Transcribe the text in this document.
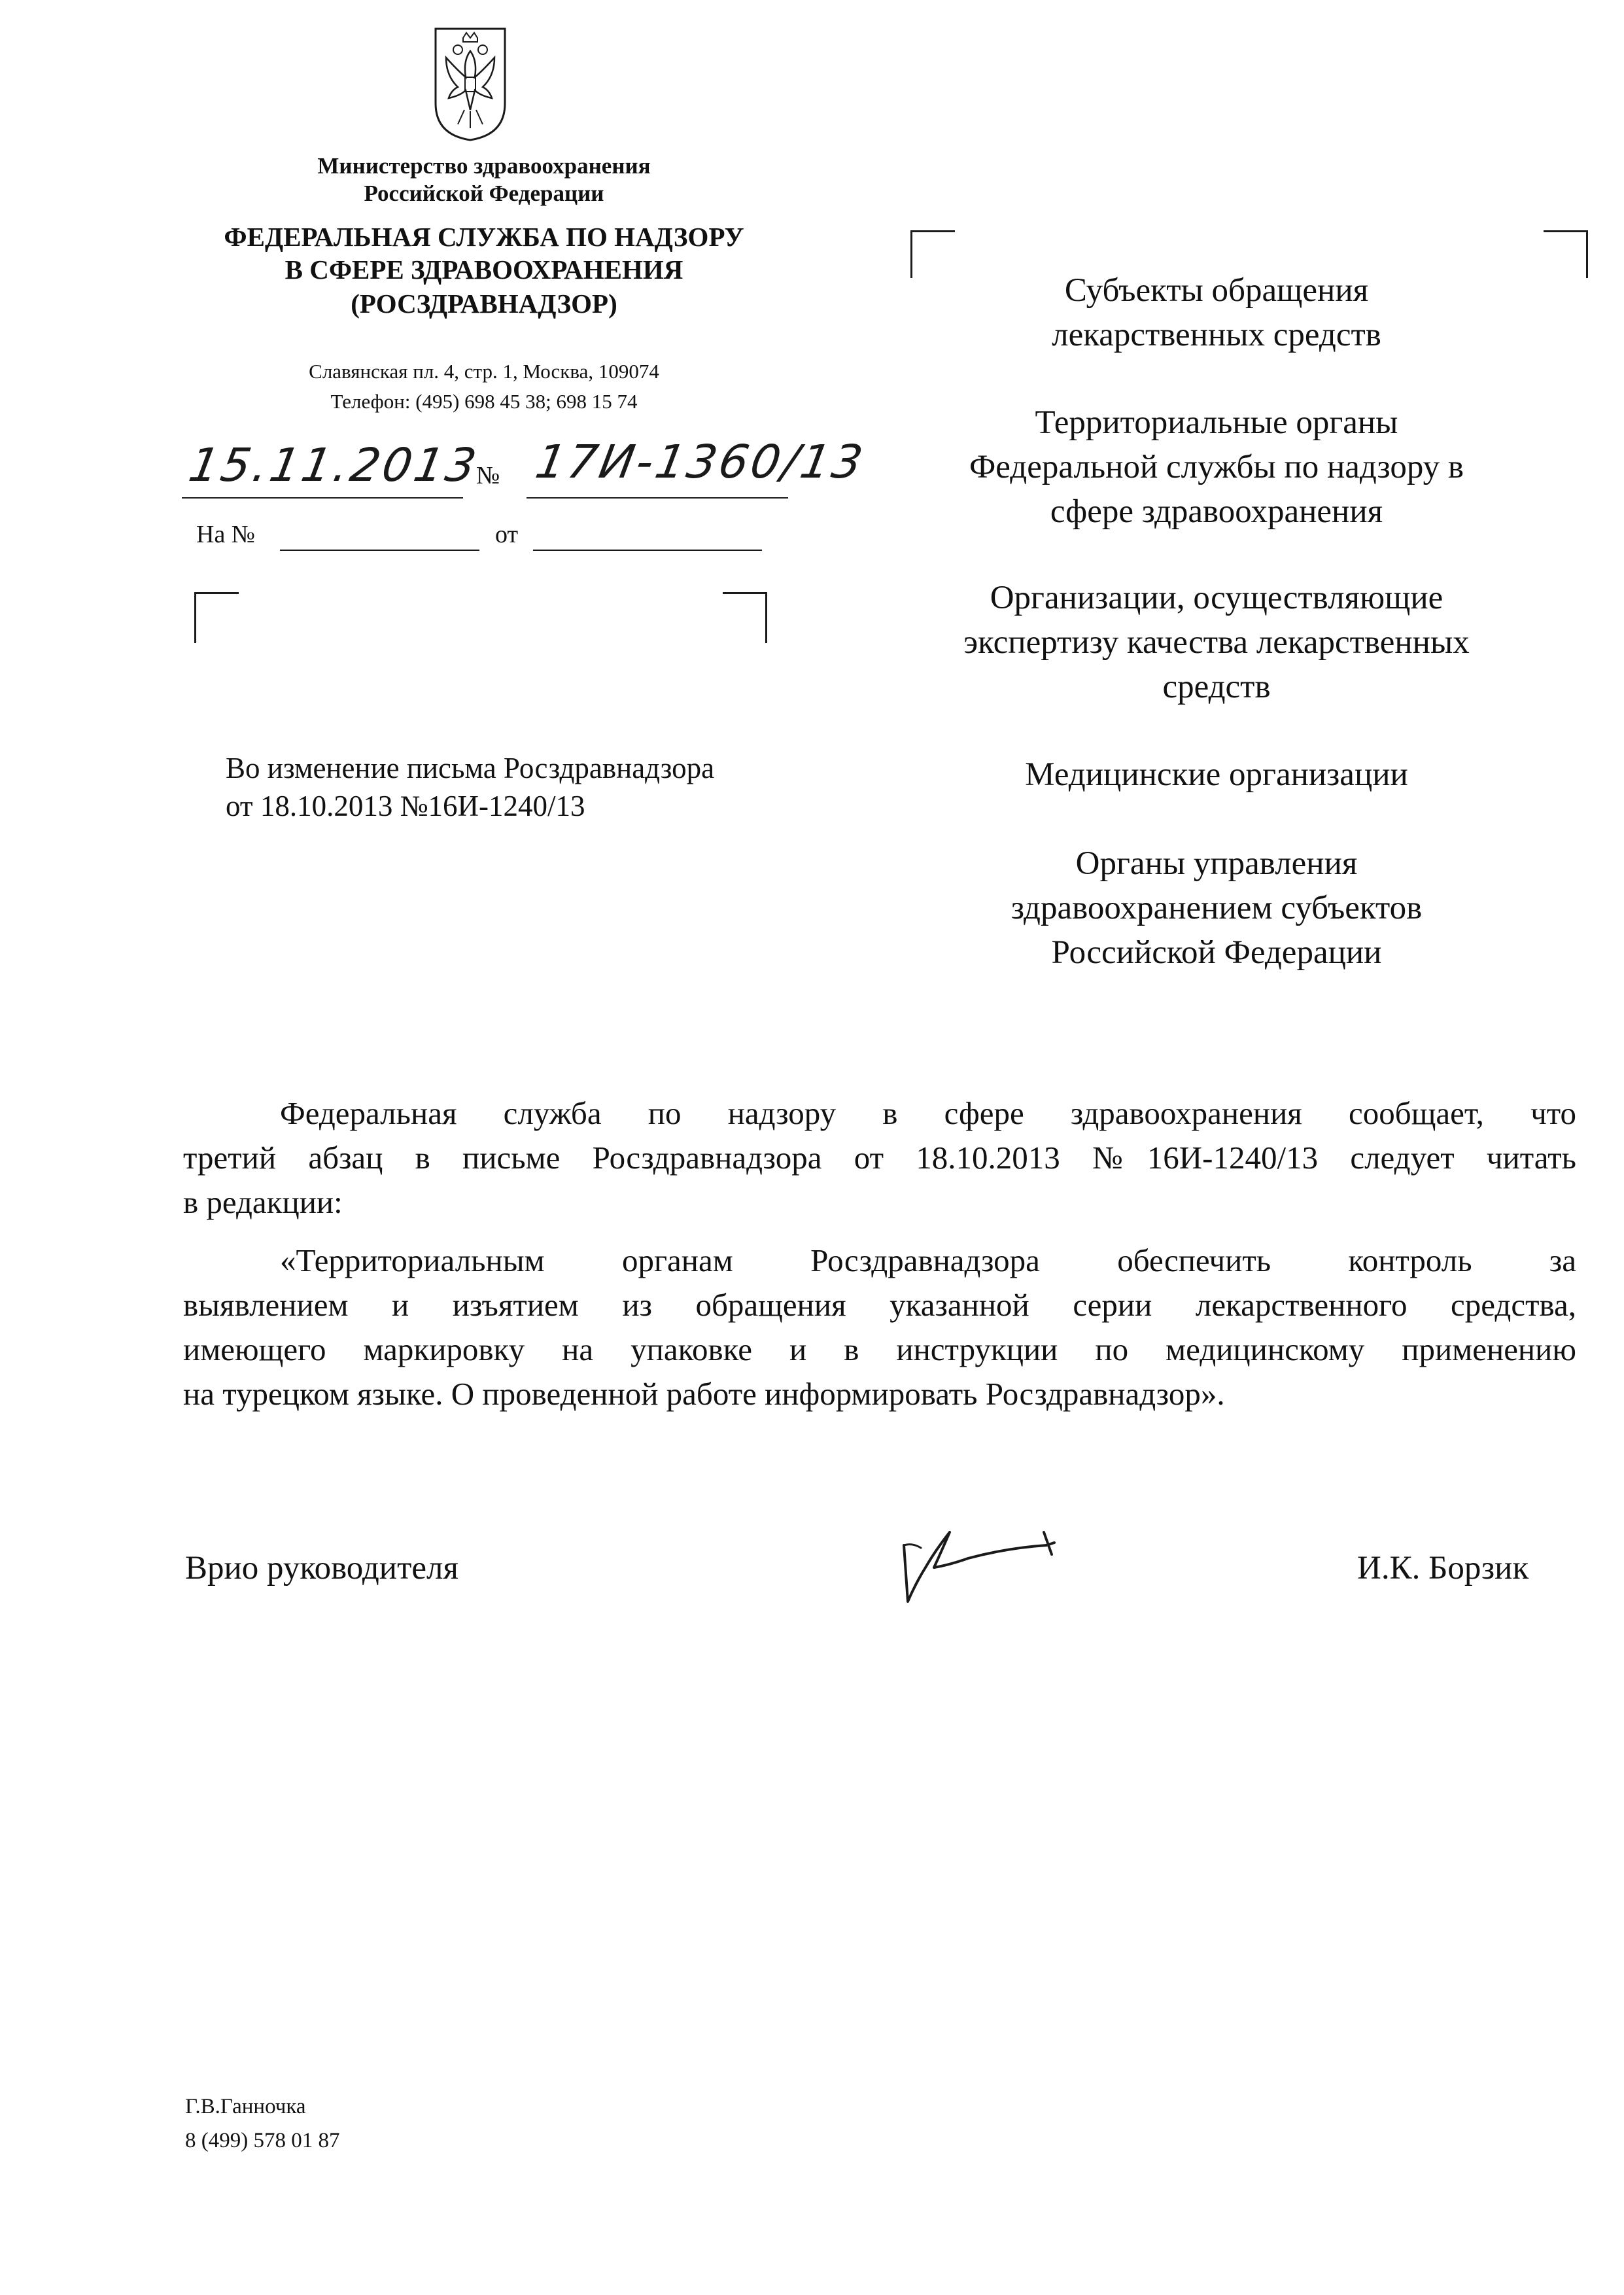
Министерство здравоохранения
Российской Федерации
ФЕДЕРАЛЬНАЯ СЛУЖБА ПО НАДЗОРУ
В СФЕРЕ ЗДРАВООХРАНЕНИЯ
(РОСЗДРАВНАДЗОР)
Славянская пл. 4, стр. 1, Москва, 109074
Телефон: (495) 698 45 38; 698 15 74
15.11.2013
№ 17И-1360/13
На №	от
Во изменение письма Росздравнадзора
от 18.10.2013 №16И-1240/13
Субъекты обращения
лекарственных средств
Территориальные органы
Федеральной службы по надзору в
сфере здравоохранения
Организации, осуществляющие
экспертизу качества лекарственных
средств
Медицинские организации
Органы управления
здравоохранением субъектов
Российской Федерации
Федеральная служба по надзору в сфере здравоохранения сообщает, что
третий абзац в письме Росздравнадзора от 18.10.2013 №16И-1240/13 следует читать
в редакции:
«Территориальным органам Росздравнадзора обеспечить контроль за
выявлением и изъятием из обращения указанной серии лекарственного средства,
имеющего маркировку на упаковке и в инструкции по медицинскому применению
на турецком языке. О проведенной работе информировать Росздравнадзор».
Врио руководителя	И.К. Борзик
Г.В.Ганночка
8 (499) 578 01 87
